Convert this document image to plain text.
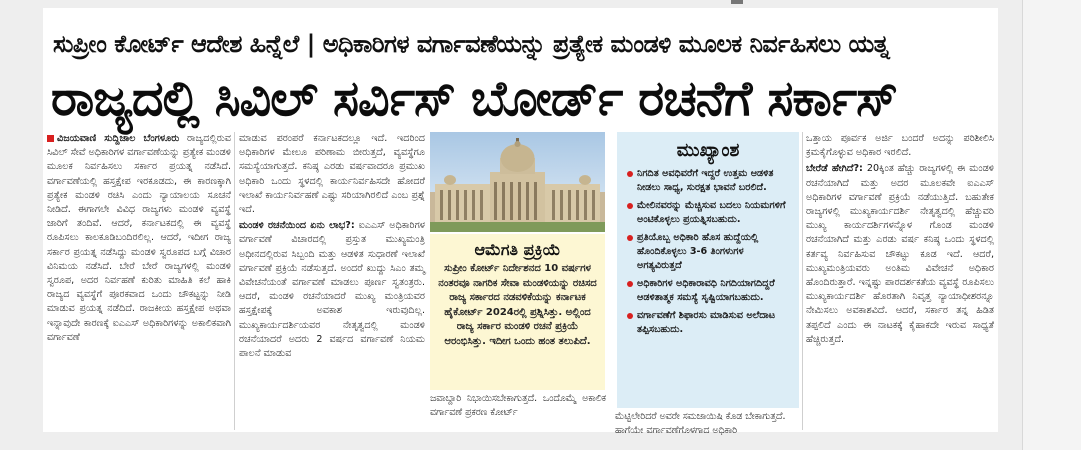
ಸುಪ್ರೀಂ ಕೋರ್ಟ್ ಆದೇಶ ಹಿನ್ನೆಲೆ | ಅಧಿಕಾರಿಗಳ ವರ್ಗಾವಣೆಯನ್ನು ಪ್ರತ್ಯೇಕ ಮಂಡಳಿ ಮೂಲಕ ನಿರ್ವಹಿಸಲು ಯತ್ನ
ರಾಜ್ಯದಲ್ಲಿ ಸಿವಿಲ್ ಸರ್ವಿಸ್ ಬೋರ್ಡ್ ರಚನೆಗೆ ಸರ್ಕಾಸ್

ವಿಜಯವಾಣಿ ಸುದ್ದಿಜಾಲ ಬೆಂಗಳೂರು ರಾಜ್ಯದಲ್ಲಿರುವ ಸಿವಿಲ್ ಸೇವೆ ಅಧಿಕಾರಿಗಳ ವರ್ಗಾವಣೆಯನ್ನು ಪ್ರತ್ಯೇಕ ಮಂಡಳಿ ಮೂಲಕ ನಿರ್ವಹಿಸಲು ಸರ್ಕಾರ ಪ್ರಯತ್ನ ನಡೆಸಿದೆ. ವರ್ಗಾವಣೆಯಲ್ಲಿ ಹಸ್ತಕ್ಷೇಪ ಇರಕೂಡದು, ಈ ಕಾರಣಕ್ಕಾಗಿ ಪ್ರತ್ಯೇಕ ಮಂಡಳಿ ರಚಿಸಿ ಎಂದು ನ್ಯಾಯಾಲಯ ಸೂಚನೆ ನೀಡಿದೆ. ಈಗಾಗಲೇ ವಿವಿಧ ರಾಜ್ಯಗಳು ಮಂಡಳಿ ವ್ಯವಸ್ಥೆ ಜಾರಿಗೆ ತಂದಿವೆ. ಆದರೆ, ಕರ್ನಾಟಕದಲ್ಲಿ ಈ ವ್ಯವಸ್ಥೆ ರೂಪಿಸಲು ಕಾಲಕೂಡಿಬಂದಿರಲಿಲ್ಲ. ಆದರೆ, ಇದೀಗ ರಾಜ್ಯ ಸರ್ಕಾರ ಪ್ರಯತ್ನ ನಡೆಸಿದ್ದು ಮಂಡಳಿ ಸ್ವರೂಪದ ಬಗ್ಗೆ ವಿಚಾರ ವಿನಿಮಯ ನಡೆಸಿದೆ. ಬೇರೆ ಬೇರೆ ರಾಜ್ಯಗಳಲ್ಲಿ ಮಂಡಳಿ ಸ್ವರೂಪ, ಅದರ ನಿರ್ವಹಣೆ ಕುರಿತು ಮಾಹಿತಿ ಕಲೆ ಹಾಕಿ ರಾಜ್ಯದ ವ್ಯವಸ್ಥೆಗೆ ಪೂರಕವಾದ ಒಂದು ಚೌಕಟ್ಟನ್ನು ನೀಡಿ ಮಾಡುವ ಪ್ರಯತ್ನ ನಡೆದಿದೆ. ರಾಜಕೀಯ ಹಸ್ತಕ್ಷೇಪ ಅಥವಾ ಇನ್ನಾವುದೇ ಕಾರಣಕ್ಕೆ ಐಎಎಸ್ ಅಧಿಕಾರಿಗಳನ್ನು ಅಕಾಲಿಕವಾಗಿ ವರ್ಗಾವಣೆ

ಮಾಡುವ ಪರಂಪರೆ ಕರ್ನಾಟಕದಲ್ಲೂ ಇದೆ. ಇದರಿಂದ ಅಧಿಕಾರಿಗಳ ಮೇಲೂ ಪರಿಣಾಮ ಬೀರುತ್ತದೆ, ವ್ಯವಸ್ಥೆಗೂ ಸಮಸ್ಯೆಯಾಗುತ್ತದೆ. ಕನಿಷ್ಠ ಎರಡು ವರ್ಷವಾದರೂ ಪ್ರಮುಖ ಅಧಿಕಾರಿ ಒಂದು ಸ್ಥಳದಲ್ಲಿ ಕಾರ್ಯನಿರ್ವಹಿಸದೇ ಹೋದರೆ ಇಲಾಖೆ ಕಾರ್ಯನಿರ್ವಹಣೆ ಎಷ್ಟು ಸರಿಯಾಗಿರಲಿದೆ ಎಂಬ ಪ್ರಶ್ನೆ ಇದೆ.

ಮಂಡಳಿ ರಚನೆಯಿಂದ ಏನು ಲಾಭ?: ಐಎಎಸ್ ಅಧಿಕಾರಿಗಳ ವರ್ಗಾವಣೆ ವಿಚಾರದಲ್ಲಿ ಪ್ರಸ್ತುತ ಮುಖ್ಯಮಂತ್ರಿ ಅಧೀನದಲ್ಲಿರುವ ಸಿಬ್ಬಂದಿ ಮತ್ತು ಆಡಳಿತ ಸುಧಾರಣೆ ಇಲಾಖೆ ವರ್ಗಾವಣೆ ಪ್ರಕ್ರಿಯೆ ನಡೆಸುತ್ತದೆ. ಅಂದರೆ ಖುದ್ದು ಸಿಎಂ ತಮ್ಮ ವಿವೇಚನೆಯಂತೆ ವರ್ಗಾವಣೆ ಮಾಡಲು ಪೂರ್ಣ ಸ್ವತಂತ್ರರು. ಆದರೆ, ಮಂಡಳಿ ರಚನೆಯಾದರೆ ಮುಖ್ಯ ಮಂತ್ರಿಯವರ ಹಸ್ತಕ್ಷೇಪಕ್ಕೆ ಅವಕಾಶ ಇರುವುದಿಲ್ಲ. ಮುಖ್ಯಕಾರ್ಯದರ್ಶಿಯವರ ನೇತೃತ್ವದಲ್ಲಿ ಮಂಡಳಿ ರಚನೆಯಾದರೆ ಅದರು 2 ವರ್ಷದ ವರ್ಗಾವಣೆ ನಿಯಮ ಪಾಲನೆ ಮಾಡುವ

ಆಮೆಗತಿ ಪ್ರಕ್ರಿಯೆ
ಸುಪ್ರೀಂ ಕೋರ್ಟ್ ನಿರ್ದೇಶನದ 10 ವರ್ಷಗಳ ನಂತರವೂ ನಾಗರಿಕ ಸೇವಾ ಮಂಡಳಿಯನ್ನು ರಚಿಸದ ರಾಜ್ಯ ಸರ್ಕಾರದ ನಡವಳಿಕೆಯನ್ನು ಕರ್ನಾಟಕ ಹೈಕೋರ್ಟ್ 2024ರಲ್ಲಿ ಪ್ರಶ್ನಿಸಿತ್ತು. ಅಲ್ಲಿಂದ ರಾಜ್ಯ ಸರ್ಕಾರ ಮಂಡಳಿ ರಚನೆ ಪ್ರಕ್ರಿಯೆ ಆರಂಭಿಸಿತ್ತು. ಇದೀಗ ಒಂದು ಹಂತ ತಲುಪಿದೆ.
ಜವಾಬ್ದಾರಿ ನಿಭಾಯಿಸಬೇಕಾಗುತ್ತದೆ. ಒಂದೊಮ್ಮೆ ಅಕಾಲಿಕ ವರ್ಗಾವಣೆ ಪ್ರಕರಣ ಕೋರ್ಟ್
ಮುಖ್ಯಾಂಶ
ನಿಗದಿತ ಅವಧಿವರೆಗೆ ಇದ್ದರೆ ಉತ್ತಮ ಆಡಳಿತ ನೀಡಲು ಸಾಧ್ಯ, ಸುರಕ್ಷತ ಭಾವನೆ ಬರಲಿದೆ.
ಮೇಲಿನವರನ್ನು ಮೆಚ್ಚಿಸುವ ಬದಲು ನಿಯಮಗಳಿಗೆ ಅಂಟಿಕೊಳ್ಳಲು ಪ್ರಯತ್ನಿಸಬಹುದು.
ಪ್ರತಿಯೊಬ್ಬ ಅಧಿಕಾರಿ ಹೊಸ ಹುದ್ದೆಯಲ್ಲಿ ಹೊಂದಿಕೊಳ್ಳಲು 3-6 ತಿಂಗಳುಗಳ ಅಗತ್ಯವಿರುತ್ತದೆ
ಅಧಿಕಾರಿಗಳ ಅಧಿಕಾರಾವಧಿ ನಿಗದಿಯಾಗದಿದ್ದರೆ ಆಡಳಿತಾತ್ಮಕ ಸಮಸ್ಯೆ ಸೃಷ್ಟಿಯಾಗಬಹುದು.
ವರ್ಗಾವಣೆಗೆ ಶಿಫಾರಸು ಮಾಡಿಸುವ ಅಲೆದಾಟ ತಪ್ಪಿಸಬಹುದು.
ಮೆಟ್ಟಿಲೇರಿದರೆ ಅವರೇ ಸಮಜಾಯಿಷಿ ಕೊಡ ಬೇಕಾಗುತ್ತದೆ. ಹಾಗೆಯೇ ವರ್ಗಾವಣೆಗೊಳಗಾದ ಅಧಿಕಾರಿ

ಒತ್ತಾಯ ಪೂರ್ವಕ ಅರ್ಜಿ ಬಂದರೆ ಅದನ್ನು ಪರಿಶೀಲಿಸಿ ಕ್ರಮಕೈಗೊಳ್ಳುವ ಅಧಿಕಾರ ಇರಲಿದೆ.

ಬೇರೆಡೆ ಹೇಗಿದೆ?: 20ಕ್ಕಿಂತ ಹೆಚ್ಚು ರಾಜ್ಯಗಳಲ್ಲಿ ಈ ಮಂಡಳಿ ರಚನೆಯಾಗಿದೆ ಮತ್ತು ಅದರ ಮೂಲಕವೇ ಐಎಎಸ್ ಅಧಿಕಾರಿಗಳ ವರ್ಗಾವಣೆ ಪ್ರಕ್ರಿಯೆ ನಡೆಯುತ್ತಿದೆ. ಬಹುತೇಕ ರಾಜ್ಯಗಳಲ್ಲಿ ಮುಖ್ಯಕಾರ್ಯದರ್ಶಿ ನೇತೃತ್ವದಲ್ಲಿ ಹೆಚ್ಚುವರಿ ಮುಖ್ಯ ಕಾರ್ಯದರ್ಶಿಗಳನ್ನೊಳ ಗೊಂಡ ಮಂಡಳಿ ರಚನೆಯಾಗಿದೆ ಮತ್ತು ಎರಡು ವರ್ಷ ಕನಿಷ್ಠ ಒಂದು ಸ್ಥಳದಲ್ಲಿ ಕರ್ತವ್ಯ ನಿರ್ವಹಿಸುವ ಚೌಕಟ್ಟು ಕೂಡ ಇದೆ. ಆದರೆ, ಮುಖ್ಯಮಂತ್ರಿಯವರು ಅಂತಿಮ ವಿವೇಚನೆ ಅಧಿಕಾರ ಹೊಂದಿರುತ್ತಾರೆ. ಇನ್ನಷ್ಟು ಪಾರದರ್ಶಕತೆಯ ವ್ಯವಸ್ಥೆ ರೂಪಿಸಲು ಮುಖ್ಯಕಾರ್ಯದರ್ಶಿ ಹೊರತಾಗಿ ನಿವೃತ್ತ ನ್ಯಾಯಾಧೀಶರನ್ನೂ ನೇಮಿಸಲು ಅವಕಾಶವಿದೆ. ಆದರೆ, ಸರ್ಕಾರ ತನ್ನ ಹಿಡಿತ ತಪ್ಪಲಿದೆ ಎಂದು ಈ ನಾಟಕಕ್ಕೆ ಕೈಹಾಕದೇ ಇರುವ ಸಾಧ್ಯತೆ ಹೆಚ್ಚಿರುತ್ತದೆ.
